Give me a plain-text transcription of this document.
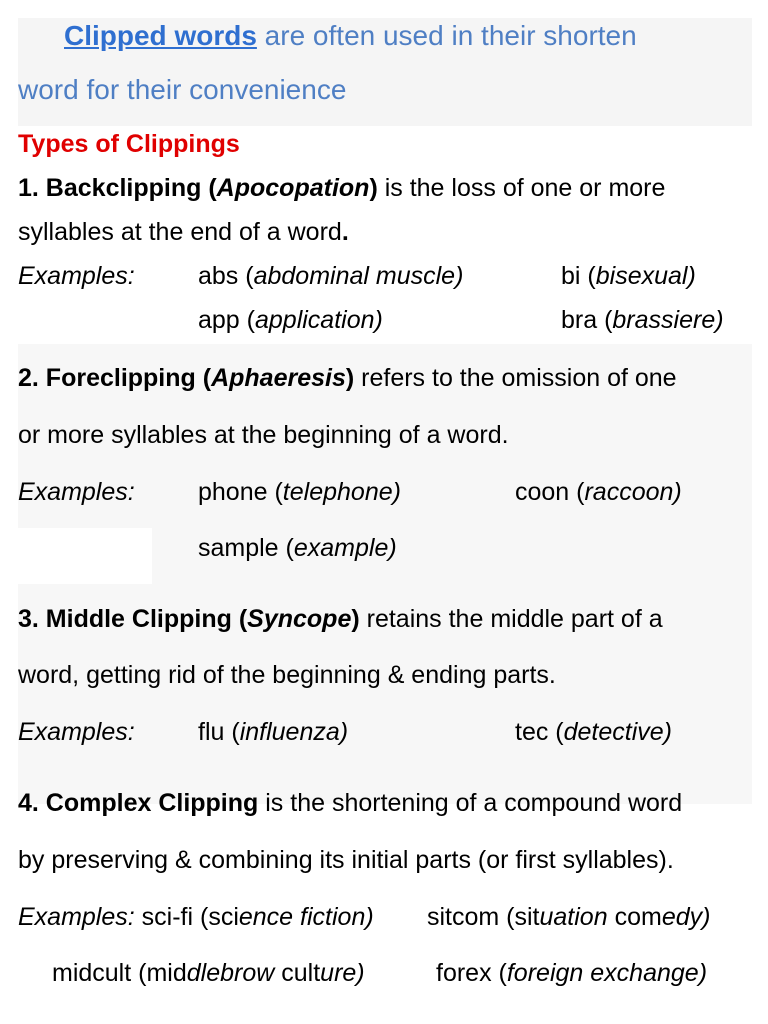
Clipped words are often used in their shorten
word for their convenience
Types of Clippings
1. Backclipping (Apocopation) is the loss of one or more
syllables at the end of a word.
Examples:	abs (abdominal muscle)	bi (bisexual)
app (application)	bra (brassiere)
2. Foreclipping (Aphaeresis) refers to the omission of one
or more syllables at the beginning of a word.
Examples:	phone (telephone)	coon (raccoon)
sample (example)
3. Middle Clipping (Syncope) retains the middle part of a
word, getting rid of the beginning & ending parts.
Examples:	flu (influenza)	tec (detective)
4. Complex Clipping is the shortening of a compound word
by preserving & combining its initial parts (or first syllables).
Examples: sci-fi (science fiction) sitcom (situation comedy)
midcult (middlebrow culture)	forex (foreign exchange)
